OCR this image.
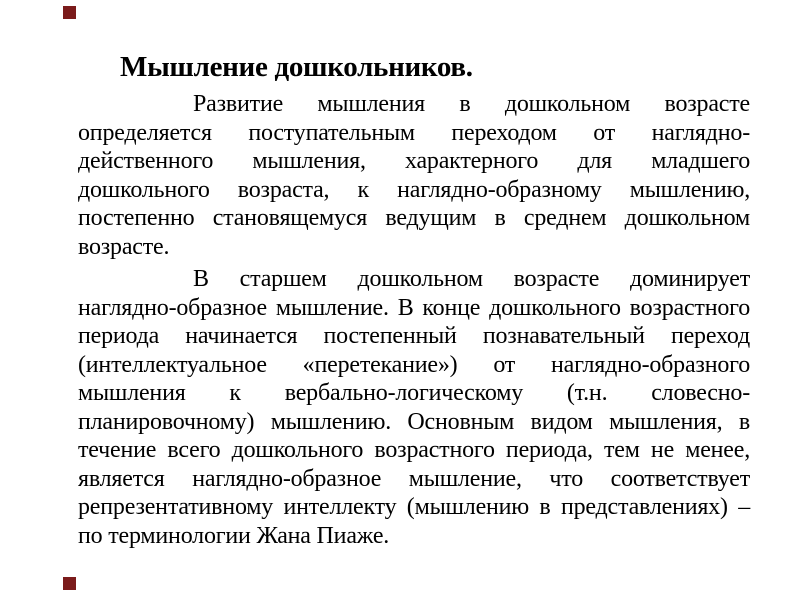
Мышление дошкольников.

Развитие мышления в дошкольном возрасте определяется поступательным переходом от наглядно-действенного мышления, характерного для младшего дошкольного возраста, к наглядно-образному мышлению, постепенно становящемуся ведущим в среднем дошкольном возрасте.

В старшем дошкольном возрасте доминирует наглядно-образное мышление. В конце дошкольного возрастного периода начинается постепенный познавательный переход (интеллектуальное «перетекание») от наглядно-образного мышления к вербально-логическому (т.н. словесно-планировочному) мышлению. Основным видом мышления, в течение всего дошкольного возрастного периода, тем не менее, является наглядно-образное мышление, что соответствует репрезентативному интеллекту (мышлению в представлениях) – по терминологии Жана Пиаже.
